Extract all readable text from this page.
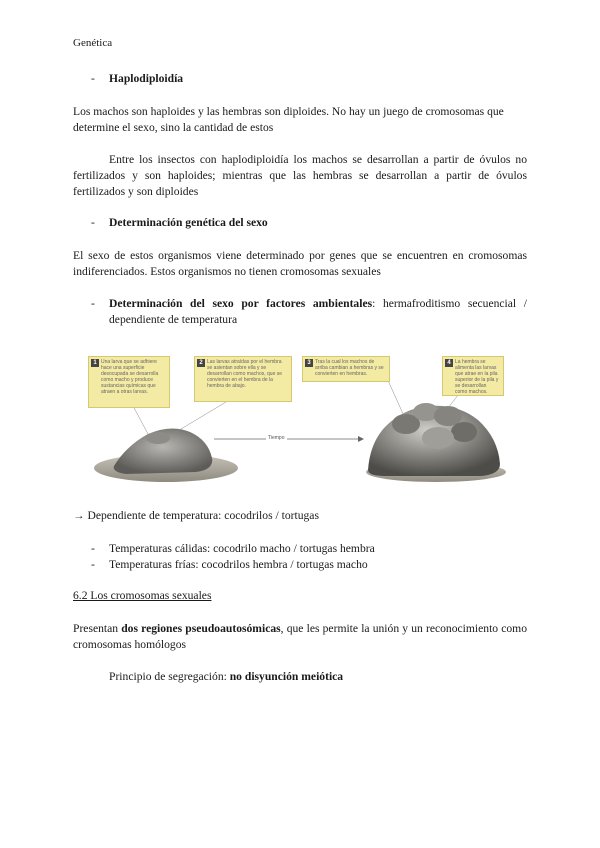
Genética
- Haplodiploidía
Los machos son haploides y las hembras son diploides. No hay un juego de cromosomas que determine el sexo, sino la cantidad de estos
Entre los insectos con haplodiploidía los machos se desarrollan a partir de óvulos no fertilizados y son haploides; mientras que las hembras se desarrollan a partir de óvulos fertilizados y son diploides
- Determinación genética del sexo
El sexo de estos organismos viene determinado por genes que se encuentren en cromosomas indiferenciados. Estos organismos no tienen cromosomas sexuales
- Determinación del sexo por factores ambientales: hermafroditismo secuencial / dependiente de temperatura
1 Una larva que se adhiere hace una superficie desocupada se desarrolla como macho y produce sustancias químicas que atraen a otras larvas.
2 Las larvas atraídas por el hembra se asientan sobre ella y se desarrollan como machos, que se convierten en el hembra de la hembra de abajo.
3 Tras la cual los machos de arriba cambian a hembras y se convierten en hembras.
4 La hembra se alimenta las larvas que atrae en la pila superior de la pila y se desarrollan como machos.
Tiempo
→ Dependiente de temperatura: cocodrilos / tortugas
- Temperaturas cálidas: cocodrilo macho / tortugas hembra
- Temperaturas frías: cocodrilos hembra / tortugas macho
6.2 Los cromosomas sexuales
Presentan dos regiones pseudoautosómicas, que les permite la unión y un reconocimiento como cromosomas homólogos
Principio de segregación: no disyunción meiótica
